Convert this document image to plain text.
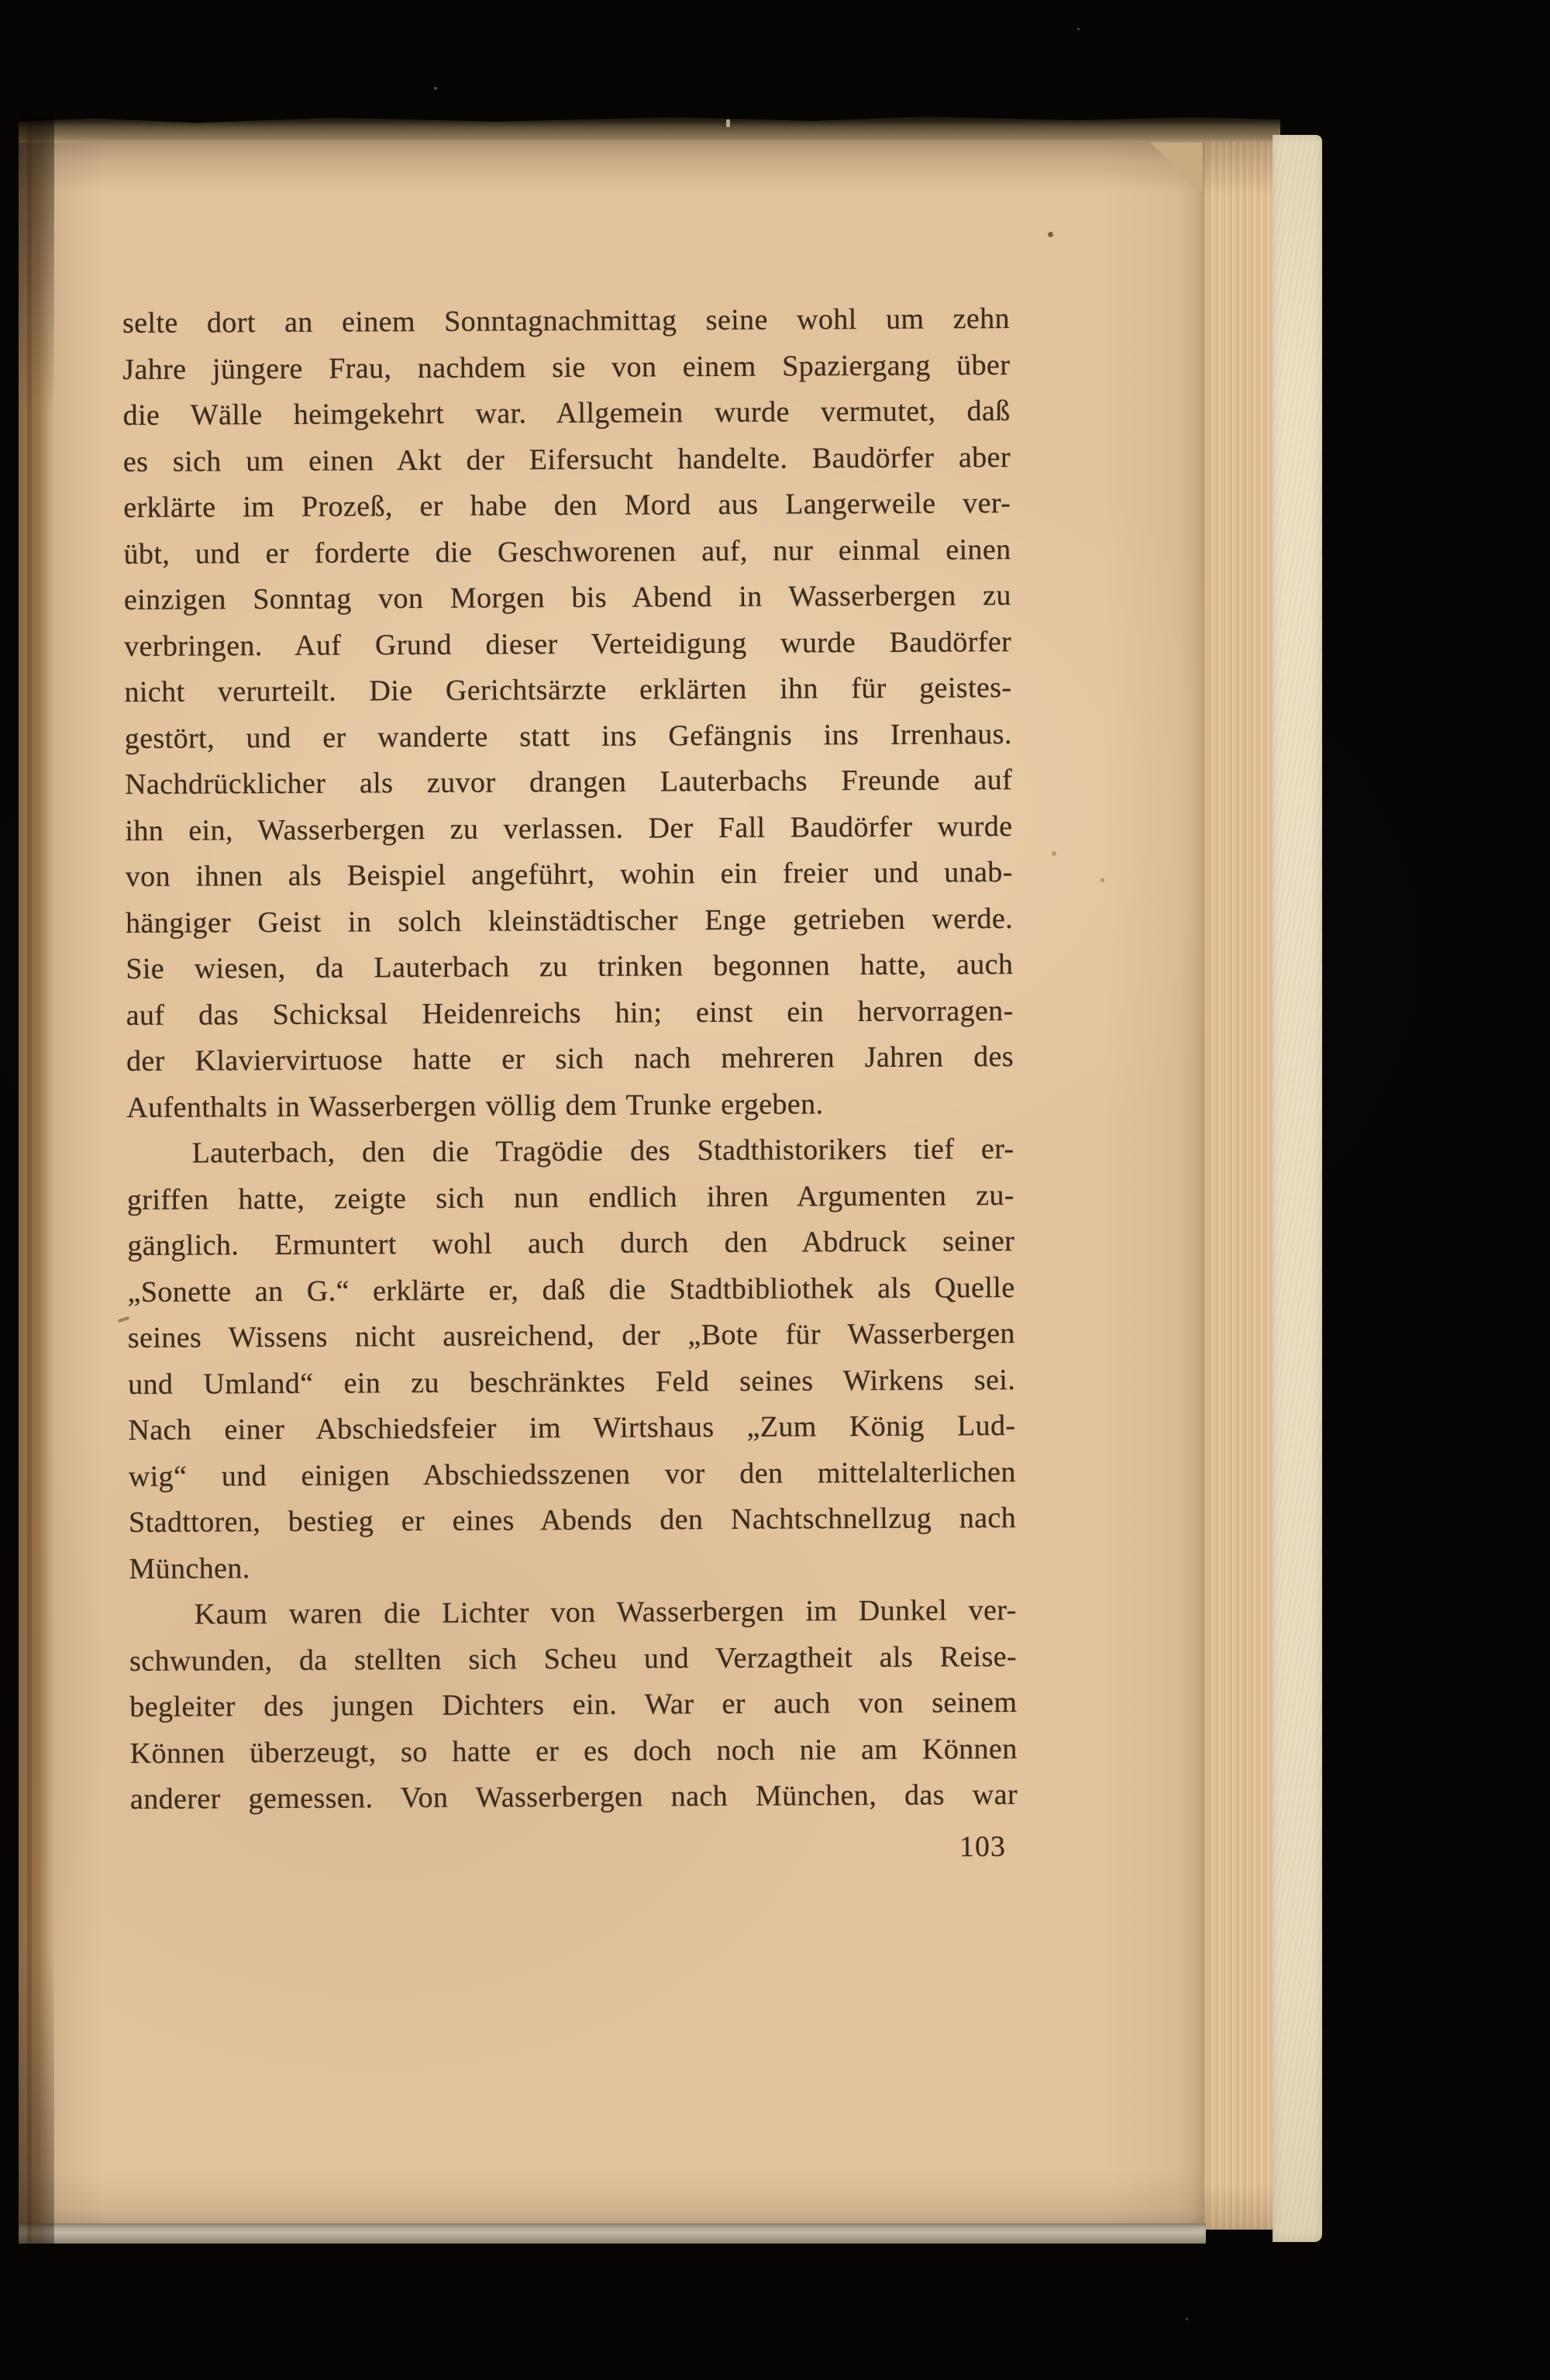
selte dort an einem Sonntagnachmittag seine wohl um zehn
Jahre jüngere Frau, nachdem sie von einem Spaziergang über
die Wälle heimgekehrt war. Allgemein wurde vermutet, daß
es sich um einen Akt der Eifersucht handelte. Baudörfer aber
erklärte im Prozeß, er habe den Mord aus Langerweile ver-
übt, und er forderte die Geschworenen auf, nur einmal einen
einzigen Sonntag von Morgen bis Abend in Wasserbergen zu
verbringen. Auf Grund dieser Verteidigung wurde Baudörfer
nicht verurteilt. Die Gerichtsärzte erklärten ihn für geistes-
gestört, und er wanderte statt ins Gefängnis ins Irrenhaus.
Nachdrücklicher als zuvor drangen Lauterbachs Freunde auf
ihn ein, Wasserbergen zu verlassen. Der Fall Baudörfer wurde
von ihnen als Beispiel angeführt, wohin ein freier und unab-
hängiger Geist in solch kleinstädtischer Enge getrieben werde.
Sie wiesen, da Lauterbach zu trinken begonnen hatte, auch
auf das Schicksal Heidenreichs hin; einst ein hervorragen-
der Klaviervirtuose hatte er sich nach mehreren Jahren des
Aufenthalts in Wasserbergen völlig dem Trunke ergeben.
Lauterbach, den die Tragödie des Stadthistorikers tief er-
griffen hatte, zeigte sich nun endlich ihren Argumenten zu-
gänglich. Ermuntert wohl auch durch den Abdruck seiner
„Sonette an G.“ erklärte er, daß die Stadtbibliothek als Quelle
seines Wissens nicht ausreichend, der „Bote für Wasserbergen
und Umland“ ein zu beschränktes Feld seines Wirkens sei.
Nach einer Abschiedsfeier im Wirtshaus „Zum König Lud-
wig“ und einigen Abschiedsszenen vor den mittelalterlichen
Stadttoren, bestieg er eines Abends den Nachtschnellzug nach
München.
Kaum waren die Lichter von Wasserbergen im Dunkel ver-
schwunden, da stellten sich Scheu und Verzagtheit als Reise-
begleiter des jungen Dichters ein. War er auch von seinem
Können überzeugt, so hatte er es doch noch nie am Können
anderer gemessen. Von Wasserbergen nach München, das war
103
